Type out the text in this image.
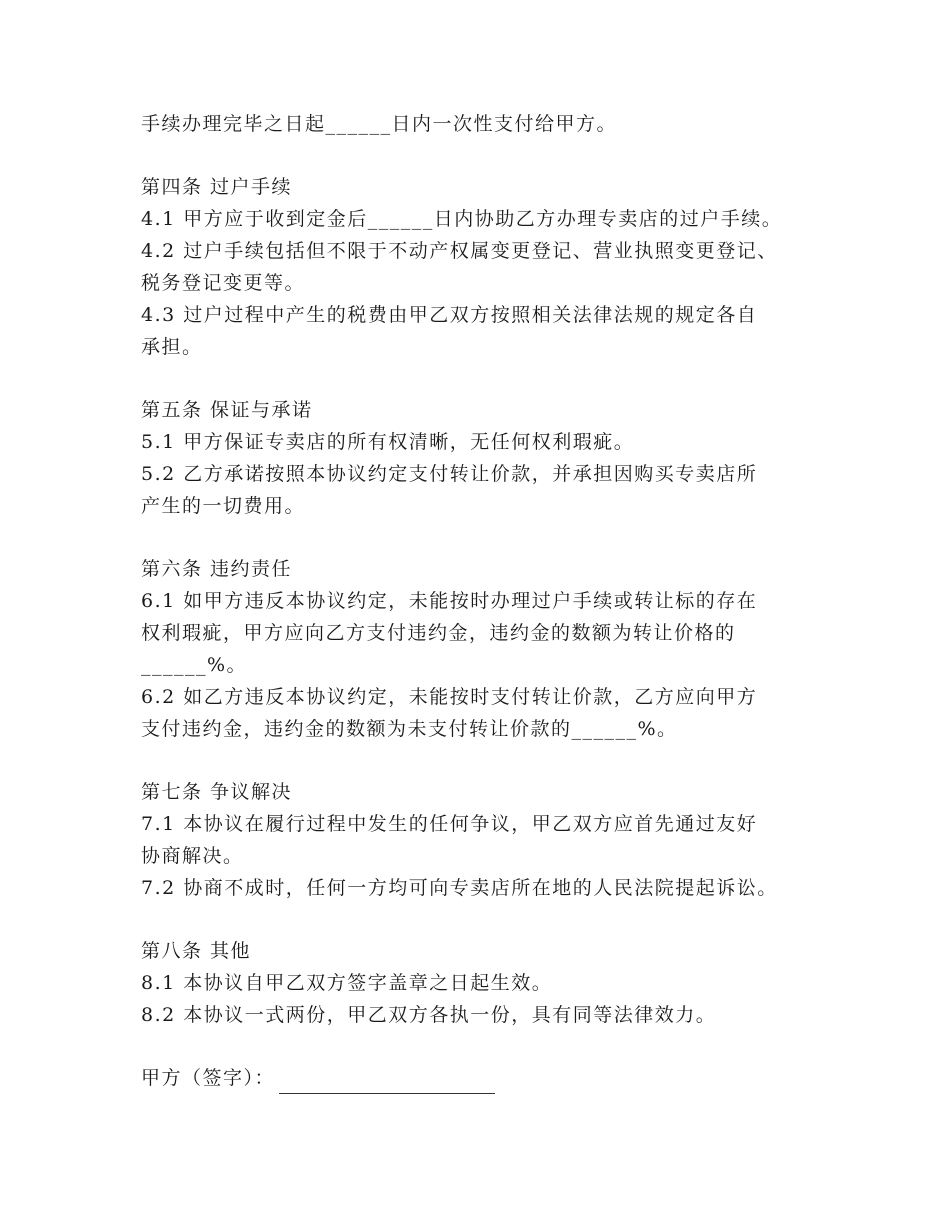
手续办理完毕之日起______日内一次性支付给甲方。
第四条 过户手续
4.1 甲方应于收到定金后______日内协助乙方办理专卖店的过户手续。
4.2 过户手续包括但不限于不动产权属变更登记、营业执照变更登记、
税务登记变更等。
4.3 过户过程中产生的税费由甲乙双方按照相关法律法规的规定各自
承担。
第五条 保证与承诺
5.1 甲方保证专卖店的所有权清晰，无任何权利瑕疵。
5.2 乙方承诺按照本协议约定支付转让价款，并承担因购买专卖店所
产生的一切费用。
第六条 违约责任
6.1 如甲方违反本协议约定，未能按时办理过户手续或转让标的存在
权利瑕疵，甲方应向乙方支付违约金，违约金的数额为转让价格的
______%。
6.2 如乙方违反本协议约定，未能按时支付转让价款，乙方应向甲方
支付违约金，违约金的数额为未支付转让价款的______%。
第七条 争议解决
7.1 本协议在履行过程中发生的任何争议，甲乙双方应首先通过友好
协商解决。
7.2 协商不成时，任何一方均可向专卖店所在地的人民法院提起诉讼。
第八条 其他
8.1 本协议自甲乙双方签字盖章之日起生效。
8.2 本协议一式两份，甲乙双方各执一份，具有同等法律效力。
甲方（签字）：
